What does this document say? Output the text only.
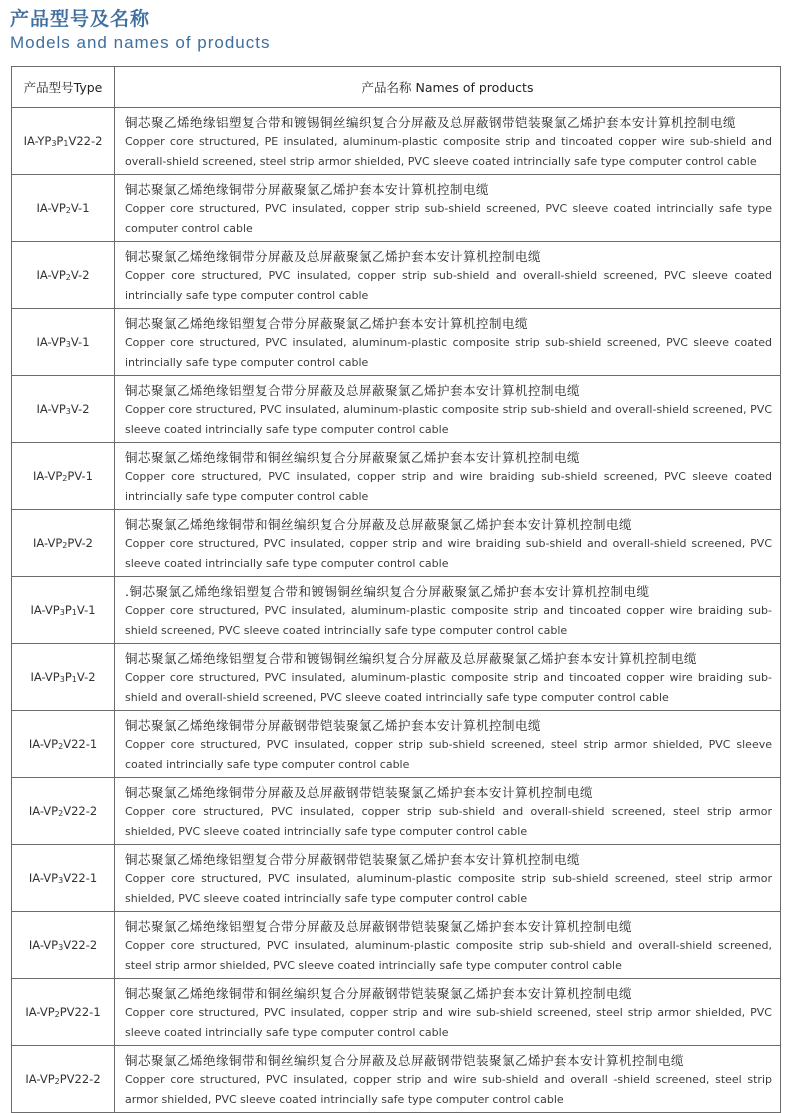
产品型号及名称
Models and names of products
产品型号Type	产品名称 Names of products
$IA-YP_3P_1V22-2$	铜芯聚乙烯绝缘铝塑复合带和镀锡铜丝编织复合分屏蔽及总屏蔽钢带铠装聚氯乙烯护套本安计算机控制电缆
Copper core structured, PE insulated, aluminum-plastic composite strip and tincoated copper wire sub-shield and overall-shield screened, steel strip armor shielded, PVC sleeve coated intrincially safe type computer control cable

$IA-VP_2V-1$	铜芯聚氯乙烯绝缘铜带分屏蔽聚氯乙烯护套本安计算机控制电缆
Copper core structured, PVC insulated, copper strip sub-shield screened, PVC sleeve coated intrincially safe type computer control cable

$IA-VP_2V-2$	铜芯聚氯乙烯绝缘铜带分屏蔽及总屏蔽聚氯乙烯护套本安计算机控制电缆
Copper core structured, PVC insulated, copper strip sub-shield and overall-shield screened, PVC sleeve coated intrincially safe type computer control cable

$IA-VP_3V-1$	铜芯聚氯乙烯绝缘铝塑复合带分屏蔽聚氯乙烯护套本安计算机控制电缆
Copper core structured, PVC insulated, aluminum-plastic composite strip sub-shield screened, PVC sleeve coated intrincially safe type computer control cable

$IA-VP_3V-2$	铜芯聚氯乙烯绝缘铝塑复合带分屏蔽及总屏蔽聚氯乙烯护套本安计算机控制电缆
Copper core structured, PVC insulated, aluminum-plastic composite strip sub-shield and overall-shield screened, PVC sleeve coated intrincially safe type computer control cable

$IA-VP_2PV-1$	铜芯聚氯乙烯绝缘铜带和铜丝编织复合分屏蔽聚氯乙烯护套本安计算机控制电缆
Copper core structured, PVC insulated, copper strip and wire braiding sub-shield screened, PVC sleeve coated intrincially safe type computer control cable

$IA-VP_2PV-2$	铜芯聚氯乙烯绝缘铜带和铜丝编织复合分屏蔽及总屏蔽聚氯乙烯护套本安计算机控制电缆
Copper core structured, PVC insulated, copper strip and wire braiding sub-shield and overall-shield screened, PVC sleeve coated intrincially safe type computer control cable

$IA-VP_3P_1V-1$	.铜芯聚氯乙烯绝缘铝塑复合带和镀锡铜丝编织复合分屏蔽聚氯乙烯护套本安计算机控制电缆
Copper core structured, PVC insulated, aluminum-plastic composite strip and tincoated copper wire braiding sub-shield screened, PVC sleeve coated intrincially safe type computer control cable

$IA-VP_3P_1V-2$	铜芯聚氯乙烯绝缘铝塑复合带和镀锡铜丝编织复合分屏蔽及总屏蔽聚氯乙烯护套本安计算机控制电缆
Copper core structured, PVC insulated, aluminum-plastic composite strip and tincoated copper wire braiding sub-shield and overall-shield screened, PVC sleeve coated intrincially safe type computer control cable

$IA-VP_2V22-1$	铜芯聚氯乙烯绝缘铜带分屏蔽钢带铠装聚氯乙烯护套本安计算机控制电缆
Copper core structured, PVC insulated, copper strip sub-shield screened, steel strip armor shielded, PVC sleeve coated intrincially safe type computer control cable

$IA-VP_2V22-2$	铜芯聚氯乙烯绝缘铜带分屏蔽及总屏蔽钢带铠装聚氯乙烯护套本安计算机控制电缆
Copper core structured, PVC insulated, copper strip sub-shield and overall-shield screened, steel strip armor shielded, PVC sleeve coated intrincially safe type computer control cable

$IA-VP_3V22-1$	铜芯聚氯乙烯绝缘铝塑复合带分屏蔽钢带铠装聚氯乙烯护套本安计算机控制电缆
Copper core structured, PVC insulated, aluminum-plastic composite strip sub-shield screened, steel strip armor shielded, PVC sleeve coated intrincially safe type computer control cable

$IA-VP_3V22-2$	铜芯聚氯乙烯绝缘铝塑复合带分屏蔽及总屏蔽钢带铠装聚氯乙烯护套本安计算机控制电缆
Copper core structured, PVC insulated, aluminum-plastic composite strip sub-shield and overall-shield screened, steel strip armor shielded, PVC sleeve coated intrincially safe type computer control cable

$IA-VP_2PV22-1$	铜芯聚氯乙烯绝缘铜带和铜丝编织复合分屏蔽钢带铠装聚氯乙烯护套本安计算机控制电缆
Copper core structured, PVC insulated, copper strip and wire sub-shield screened, steel strip armor shielded, PVC sleeve coated intrincially safe type computer control cable

$IA-VP_2PV22-2$	铜芯聚氯乙烯绝缘铜带和铜丝编织复合分屏蔽及总屏蔽钢带铠装聚氯乙烯护套本安计算机控制电缆
Copper core structured, PVC insulated, copper strip and wire sub-shield and overall -shield screened, steel strip armor shielded, PVC sleeve coated intrincially safe type computer control cable
